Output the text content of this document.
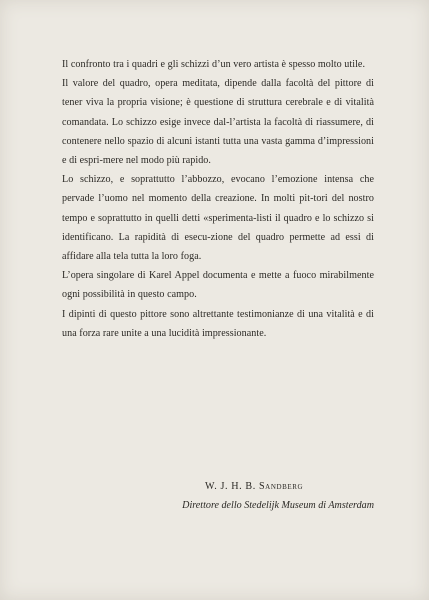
Il confronto tra i quadri e gli schizzi d’un vero artista è spesso molto utile.

Il valore del quadro, opera meditata, dipende dalla facoltà del pittore di tener viva la propria visione; è questione di struttura cerebrale e di vitalità comandata. Lo schizzo esige invece dal-l’artista la facoltà di riassumere, di contenere nello spazio di alcuni istanti tutta una vasta gamma d’impressioni e di espri-mere nel modo più rapido.

Lo schizzo, e soprattutto l’abbozzo, evocano l’emozione intensa che pervade l’uomo nel momento della creazione. In molti pit-tori del nostro tempo e soprattutto in quelli detti «sperimenta-listi il quadro e lo schizzo si identificano. La rapidità di esecu-zione del quadro permette ad essi di affidare alla tela tutta la loro foga.

L’opera singolare di Karel Appel documenta e mette a fuoco mirabilmente ogni possibilità in questo campo.

I dipinti di questo pittore sono altrettante testimonianze di una vitalità e di una forza rare unite a una lucidità impressionante.

W. J. H. B. Sandberg
Direttore dello Stedelijk Museum di Amsterdam
